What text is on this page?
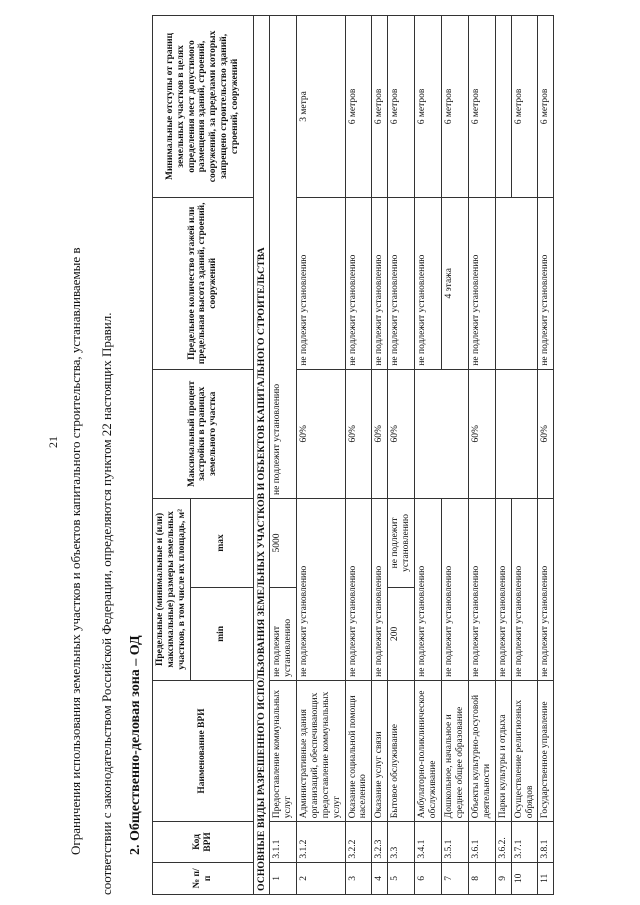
21 Ограничения использования земельных участков и объектов капитального строительства, устанавливаемые в	соответствии с законодательством Российской Федерации, определяются пунктом 22 настоящих Правил.	2. Общественно-деловая зона – ОД
№ п/п	Код ВРИ	Наименование ВРИ	Предельные (минимальные и (или) максимальные) размеры земельных участков, в том числе их площадь, м²		Максимальный процент застройки в границах земельного участка	Предельное количество этажей или предельная высота зданий, строений, сооружений	Минимальные отступы от границ земельных участков в целях определения мест допустимого размещения зданий, строений, сооружений, за пределами которых запрещено строительство зданий, строений, сооружений
			min	max			
ОСНОВНЫЕ ВИДЫ РАЗРЕШЕННОГО ИСПОЛЬЗОВАНИЯ ЗЕМЕЛЬНЫХ УЧАСТКОВ И ОБЪЕКТОВ КАПИТАЛЬНОГО СТРОИТЕЛЬСТВА							
1	3.1.1	Предоставление коммунальных услуг	не подлежит установлению	5000	не подлежит установлению		
2	3.1.2	Административные здания организаций, обеспечивающих предоставление коммунальных услуг	не подлежит установлению		60%	не подлежит установлению	3 метра
3	3.2.2	Оказание социальной помощи населению	не подлежит установлению		60%	не подлежит установлению	6 метров
4	3.2.3	Оказание услуг связи	не подлежит установлению		60%	не подлежит установлению	6 метров
5	3.3	Бытовое обслуживание	200	не подлежит установлению	60%	не подлежит установлению	6 метров
6	3.4.1	Амбулаторно-поликлиническое обслуживание	не подлежит установлению			не подлежит установлению	6 метров
7	3.5.1	Дошкольное, начальное и среднее общее образование	не подлежит установлению			4 этажа	6 метров
8	3.6.1	Объекты культурно-досуговой деятельности	не подлежит установлению		60%	не подлежит установлению	6 метров
9	3.6.2.	Парки культуры и отдыха	не подлежит установлению				
10	3.7.1	Осуществление религиозных обрядов	не подлежит установлению				6 метров
11	3.8.1	Государственное управление	не подлежит установлению		60%	не подлежит установлению	6 метров
